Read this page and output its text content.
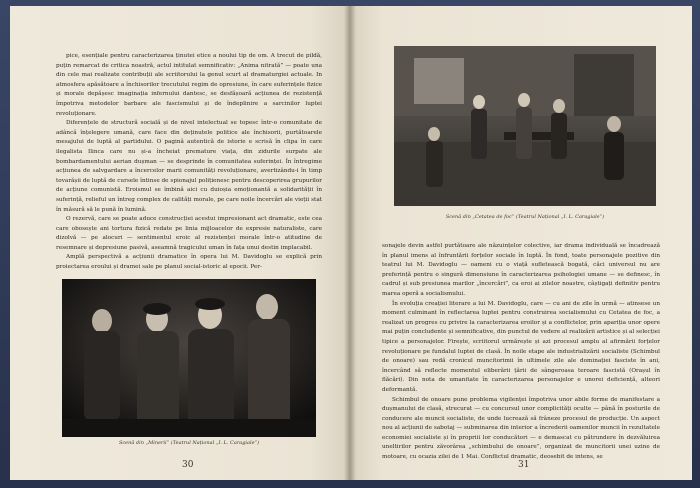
pice, esențiale pentru caracterizarea ținutei etice a noului tip de om. A trecut de pildă, puțin remarcat de critica noastră, actul intitulat semnificativ: „Anima nitrată” — poate una din cele mai realizate contribuții ale scriitorului la genul scurt al dramaturgiei actuale. In atmosfera apăsătoare a închisorilor trecutului regim de opresiune, în care suferințele fizice și morale depășesc imaginația infernului dantesc, se desfășoară acțiunea de rezistență împotriva metodelor barbare ale fascismului și de îndeplinire a sarcinilor luptei revoluționare.

Diferențele de structură socială și de nivel intelectual se topesc într-o comunitate de adâncă înțelegere umană, care face din deținutele politice ale închisorii, purtătoarele mesajului de luptă al partidului. O pagină autentică de istorie e scrisă în clipa în care ilegalista Ilinca care nu și-a încheiat premature viața, din zidurile surpate ale bombardamentului aerian dușman — se desprinde în comunitatea suferinței. În întregime acțiunea de salvgardare a încercelor marii comunități revoluționare, avertizându-i în timp tovarășii de luptă de cursele întinse de spionajul polițienesc pentru descoperirea grupurilor de acțiune comunistă. Eroismul se îmbină aici cu duioșia emoționantă a solidarității în suferință, relieful un întreg complex de calități morale, pe care noile încercări ale vieții stat în măsură să le pună în lumină.

O rezervă, care se poate aduce construcției acestui impresionant act dramatic, este cea care obosește ani tortura fizică redate pe linia mijloacelor de expresie naturaliste, care dizolvă — pe alocuri — sentimentul eroic al rezistenței morale într-o atitudine de resemnare și depresiune pasivă, aseamnă tragicului uman în fața unui destin implacabil.

Amplă perspectivă a acțiunii dramatice în opera lui M. Davidoglu se explică prin proiectarea eroului și dramei sale pe planul social-istoric al epocii. Per-

Scenă din „Minerii” (Teatrul Național „I. L. Caragiale”)
30
Scenă din „Cetatea de foc” (Teatrul Național „I. L. Caragiale”)

sonajele devin astfel purtătoare ale năzuințelor colective, iar drama individuală se încadrează în planul imens al înfruntării forțelor sociale în luptă. În fond, toate personajele pozitive din teatrul lui M. Davidoglu — oameni cu o viață sufletească bogată, căci universul nu are preferință pentru o singură dimensiune în caracterizarea psihologiei umane — se definesc, în cadrul și sub presiunea marilor „încercări”, ca eroi ai zilelor noastre, câștigați definitiv pentru marea operă a socialismului.

În evoluția creației literare a lui M. Davidoglu, care — cu ani de zile în urmă — atinsese un moment culminant în reflectarea luptei pentru construirea socialismului cu Cetatea de foc, a realizat un progres cu privire la caracterizarea eroilor și a conflictelor, prin apariția unor opere mai puțin concludente și semnificative, din punctul de vedere al realizării artistice și al selecției tipice a personajelor. Firește, scriitorul urmărește și azi procesul amplu al afirmării forțelor revoluționare pe fundalul luptei de clasă. În noile etape ale industrializării socialiste (Schimbul de onoare) sau redă cronicul muncitorimii în ultimele zile ale dominației fasciste în ani, încercând să reflecte momentul eliberării țării de sângeroasa teroare fascistă (Orașul în flăcări). Din nota de umanitate în caracterizarea personajelor e unorei deficiență, alteori deformantă.

Schimbul de onoare pune problema vigilenței împotriva unor abile forme de manifestare a dușmanului de clasă, strecurat — cu concursul unor complicități oculte — până în posturile de conducere ale muncii socialiste, de unde lucrează să frâneze procesul de producție. Un aspect nou al acțiunii de sabotaj — subminarea din interior a încrederii oamenilor muncii în rezultatele economiei socialiste și în propriii lor conducători — e demascat cu pătrundere în dezvăluirea uneltirilor pentru zăvorârea „schimbului de onoare”, organizat de muncitorii unei uzine de motoare, cu ocazia zilei de 1 Mai. Conflictul dramatic, deosebit de intens, se

31
